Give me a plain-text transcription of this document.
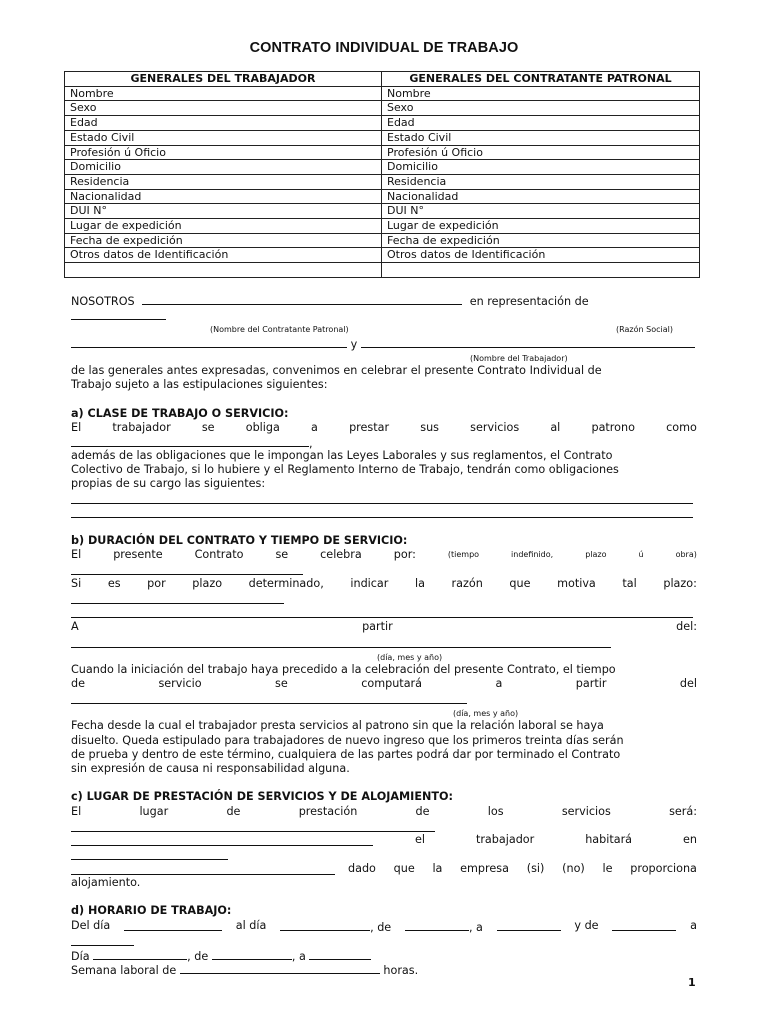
CONTRATO INDIVIDUAL DE TRABAJO
GENERALES DEL TRABAJADOR	GENERALES DEL CONTRATANTE PATRONAL
Nombre	Nombre
Sexo	Sexo
Edad	Edad
Estado Civil	Estado Civil
Profesión ú Oficio	Profesión ú Oficio
Domicilio	Domicilio
Residencia	Residencia
Nacionalidad	Nacionalidad
DUI N°	DUI N°
Lugar de expedición	Lugar de expedición
Fecha de expedición	Fecha de expedición
Otros datos de Identificación	Otros datos de Identificación

NOSOTROS	en representación de
(Nombre del Contratante Patronal)	(Razón Social)
y
(Nombre del Trabajador)
de las generales antes expresadas, convenimos en celebrar el presente Contrato Individual de
Trabajo sujeto a las estipulaciones siguientes:
a) CLASE DE TRABAJO O SERVICIO:
El	trabajador	se	obliga	a	prestar	sus	servicios	al	patrono	como
,
además de las obligaciones que le impongan las Leyes Laborales y sus reglamentos, el Contrato
Colectivo de Trabajo, si lo hubiere y el Reglamento Interno de Trabajo, tendrán como obligaciones
propias de su cargo las siguientes:
b) DURACIÓN DEL CONTRATO Y TIEMPO DE SERVICIO:
El	presente	Contrato	se	celebra	por:	(tiempo	indefinido,	plazo	ú	obra)
Si es por plazo determinado, indicar la razón que motiva tal plazo:
A	partir	del:
(día, mes y año)
Cuando la iniciación del trabajo haya precedido a la celebración del presente Contrato, el tiempo
de	servicio	se	computará	a	partir	del
(día, mes y año)
Fecha desde la cual el trabajador presta servicios al patrono sin que la relación laboral se haya
disuelto. Queda estipulado para trabajadores de nuevo ingreso que los primeros treinta días serán
de prueba y dentro de este término, cualquiera de las partes podrá dar por terminado el Contrato
sin expresión de causa ni responsabilidad alguna.
c) LUGAR DE PRESTACIÓN DE SERVICIOS Y DE ALOJAMIENTO:
El	lugar	de	prestación	de	los	servicios	será:
el	trabajador	habitará	en
dado que la empresa (si) (no) le proporciona
alojamiento.
d) HORARIO DE TRABAJO:
Del día	al día	, de	, a	y de	a
Día	, de	, a
Semana laboral de	horas.
1
